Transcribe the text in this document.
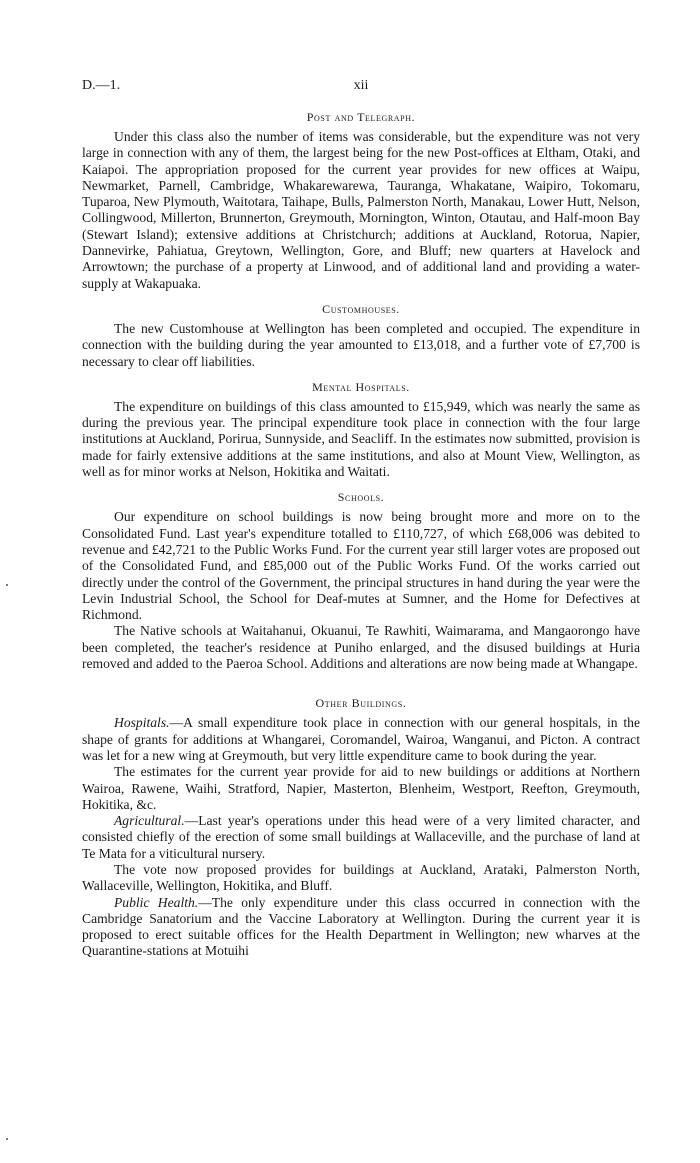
D.—1.	xii
Post and Telegraph.

Under this class also the number of items was considerable, but the expenditure was not very large in connection with any of them, the largest being for the new Post-offices at Eltham, Otaki, and Kaiapoi. The appropriation proposed for the current year provides for new offices at Waipu, Newmarket, Parnell, Cambridge, Whakarewarewa, Tauranga, Whakatane, Waipiro, Tokomaru, Tuparoa, New Plymouth, Waitotara, Taihape, Bulls, Palmerston North, Manakau, Lower Hutt, Nelson, Collingwood, Millerton, Brunnerton, Greymouth, Mornington, Winton, Otautau, and Half-moon Bay (Stewart Island); extensive additions at Christchurch; additions at Auckland, Rotorua, Napier, Dannevirke, Pahiatua, Greytown, Wellington, Gore, and Bluff; new quarters at Havelock and Arrowtown; the purchase of a property at Linwood, and of additional land and providing a water-supply at Wakapuaka.

Customhouses.

The new Customhouse at Wellington has been completed and occupied. The expenditure in connection with the building during the year amounted to £13,018, and a further vote of £7,700 is necessary to clear off liabilities.

Mental Hospitals.

The expenditure on buildings of this class amounted to £15,949, which was nearly the same as during the previous year. The principal expenditure took place in connection with the four large institutions at Auckland, Porirua, Sunnyside, and Seacliff. In the estimates now submitted, provision is made for fairly extensive additions at the same institutions, and also at Mount View, Wellington, as well as for minor works at Nelson, Hokitika and Waitati.

Schools.

Our expenditure on school buildings is now being brought more and more on to the Consolidated Fund. Last year's expenditure totalled to £110,727, of which £68,006 was debited to revenue and £42,721 to the Public Works Fund. For the current year still larger votes are proposed out of the Consolidated Fund, and £85,000 out of the Public Works Fund. Of the works carried out directly under the control of the Government, the principal structures in hand during the year were the Levin Industrial School, the School for Deaf-mutes at Sumner, and the Home for Defectives at Richmond.

The Native schools at Waitahanui, Okuanui, Te Rawhiti, Waimarama, and Mangaorongo have been completed, the teacher's residence at Puniho enlarged, and the disused buildings at Huria removed and added to the Paeroa School. Additions and alterations are now being made at Whangape.

Other Buildings.

Hospitals.—A small expenditure took place in connection with our general hospitals, in the shape of grants for additions at Whangarei, Coromandel, Wairoa, Wanganui, and Picton. A contract was let for a new wing at Greymouth, but very little expenditure came to book during the year.

The estimates for the current year provide for aid to new buildings or additions at Northern Wairoa, Rawene, Waihi, Stratford, Napier, Masterton, Blenheim, Westport, Reefton, Greymouth, Hokitika, &c.

Agricultural.—Last year's operations under this head were of a very limited character, and consisted chiefly of the erection of some small buildings at Wallaceville, and the purchase of land at Te Mata for a viticultural nursery.

The vote now proposed provides for buildings at Auckland, Arataki, Palmerston North, Wallaceville, Wellington, Hokitika, and Bluff.

Public Health.—The only expenditure under this class occurred in connection with the Cambridge Sanatorium and the Vaccine Laboratory at Wellington. During the current year it is proposed to erect suitable offices for the Health Department in Wellington; new wharves at the Quarantine-stations at Motuihi
